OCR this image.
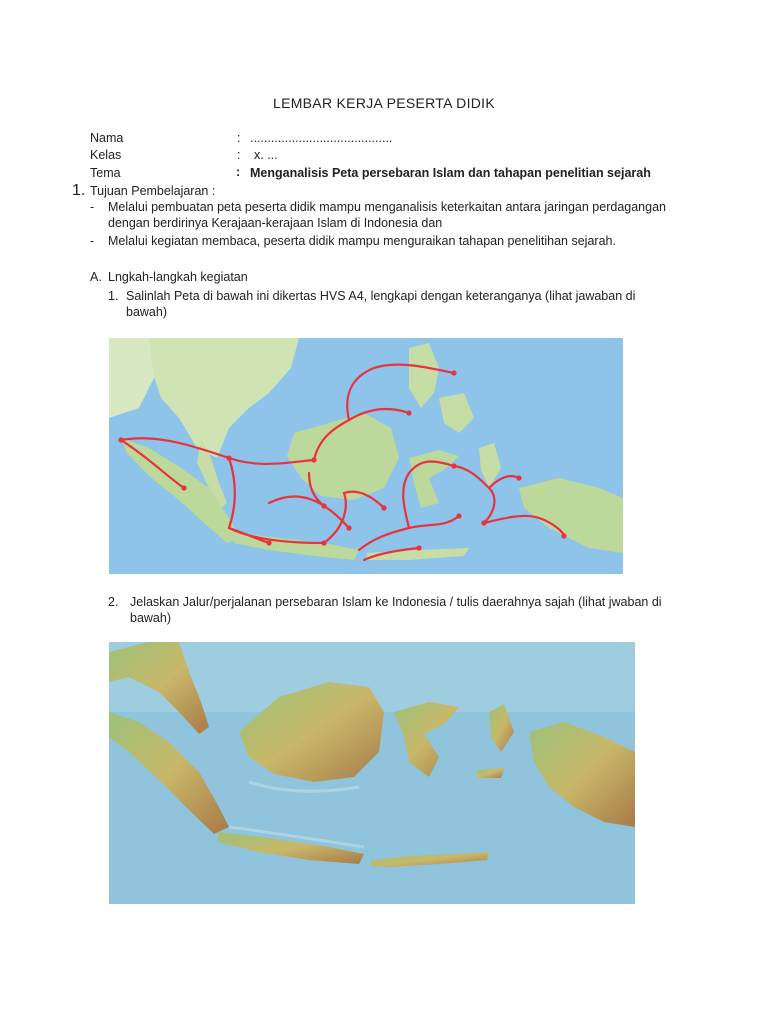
LEMBAR KERJA PESERTA DIDIK
Nama	: .........................................
Kelas	: x. ...
Tema	: Menganalisis Peta persebaran Islam dan tahapan penelitian sejarah
1. Tujuan Pembelajaran :
- Melalui pembuatan peta peserta didik mampu menganalisis keterkaitan antara jaringan perdagangan
dengan berdirinya Kerajaan-kerajaan Islam di Indonesia dan
- Melalui kegiatan membaca, peserta didik mampu menguraikan tahapan penelitihan sejarah.
A. Lngkah-langkah kegiatan
1. Salinlah Peta di bawah ini dikertas HVS A4, lengkapi dengan keteranganya (lihat jawaban di
bawah)
2. Jelaskan Jalur/perjalanan persebaran Islam ke Indonesia / tulis daerahnya sajah (lihat jwaban di
bawah)
